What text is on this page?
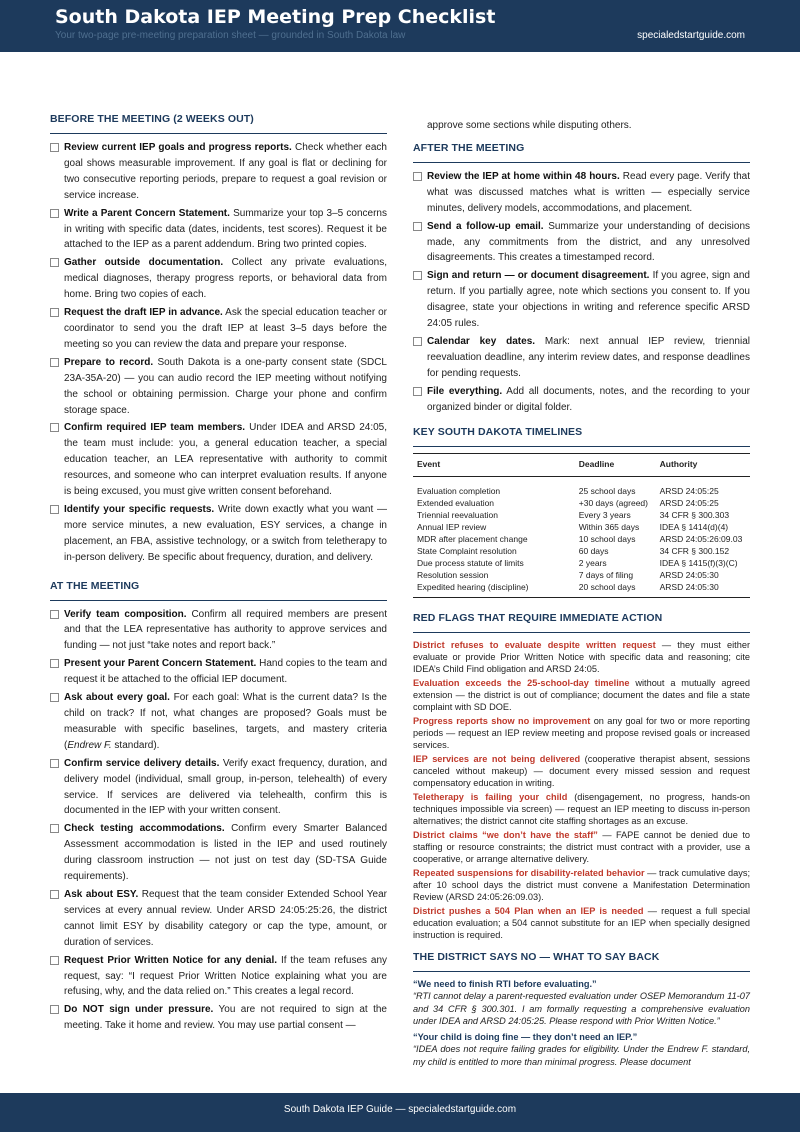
South Dakota IEP Meeting Prep Checklist
Your two-page pre-meeting preparation sheet — grounded in South Dakota law	specialedstartguide.com
BEFORE THE MEETING (2 WEEKS OUT)
Review current IEP goals and progress reports. Check whether each goal shows measurable improvement. If any goal is flat or declining for two consecutive reporting periods, prepare to request a goal revision or service increase.
Write a Parent Concern Statement. Summarize your top 3–5 concerns in writing with specific data (dates, incidents, test scores). Request it be attached to the IEP as a parent addendum. Bring two printed copies.
Gather outside documentation. Collect any private evaluations, medical diagnoses, therapy progress reports, or behavioral data from home. Bring two copies of each.
Request the draft IEP in advance. Ask the special education teacher or coordinator to send you the draft IEP at least 3–5 days before the meeting so you can review the data and prepare your response.
Prepare to record. South Dakota is a one-party consent state (SDCL 23A-35A-20) — you can audio record the IEP meeting without notifying the school or obtaining permission. Charge your phone and confirm storage space.
Confirm required IEP team members. Under IDEA and ARSD 24:05, the team must include: you, a general education teacher, a special education teacher, an LEA representative with authority to commit resources, and someone who can interpret evaluation results. If anyone is being excused, you must give written consent beforehand.
Identify your specific requests. Write down exactly what you want — more service minutes, a new evaluation, ESY services, a change in placement, an FBA, assistive technology, or a switch from teletherapy to in-person delivery. Be specific about frequency, duration, and delivery.
AT THE MEETING
Verify team composition. Confirm all required members are present and that the LEA representative has authority to approve services and funding — not just “take notes and report back.”
Present your Parent Concern Statement. Hand copies to the team and request it be attached to the official IEP document.
Ask about every goal. For each goal: What is the current data? Is the child on track? If not, what changes are proposed? Goals must be measurable with specific baselines, targets, and mastery criteria (Endrew F. standard).
Confirm service delivery details. Verify exact frequency, duration, and delivery model (individual, small group, in-person, telehealth) of every service. If services are delivered via telehealth, confirm this is documented in the IEP with your written consent.
Check testing accommodations. Confirm every Smarter Balanced Assessment accommodation is listed in the IEP and used routinely during classroom instruction — not just on test day (SD-TSA Guide requirements).
Ask about ESY. Request that the team consider Extended School Year services at every annual review. Under ARSD 24:05:25:26, the district cannot limit ESY by disability category or cap the type, amount, or duration of services.
Request Prior Written Notice for any denial. If the team refuses any request, say: “I request Prior Written Notice explaining what you are refusing, why, and the data relied on.” This creates a legal record.
Do NOT sign under pressure. You are not required to sign at the meeting. Take it home and review. You may use partial consent —
approve some sections while disputing others.
AFTER THE MEETING
Review the IEP at home within 48 hours. Read every page. Verify that what was discussed matches what is written — especially service minutes, delivery models, accommodations, and placement.
Send a follow-up email. Summarize your understanding of decisions made, any commitments from the district, and any unresolved disagreements. This creates a timestamped record.
Sign and return — or document disagreement. If you agree, sign and return. If you partially agree, note which sections you consent to. If you disagree, state your objections in writing and reference specific ARSD 24:05 rules.
Calendar key dates. Mark: next annual IEP review, triennial reevaluation deadline, any interim review dates, and response deadlines for pending requests.
File everything. Add all documents, notes, and the recording to your organized binder or digital folder.
KEY SOUTH DAKOTA TIMELINES
Event	Deadline	Authority
Evaluation completion	25 school days	ARSD 24:05:25
Extended evaluation	+30 days (agreed)	ARSD 24:05:25
Triennial reevaluation	Every 3 years	34 CFR § 300.303
Annual IEP review	Within 365 days	IDEA § 1414(d)(4)
MDR after placement change	10 school days	ARSD 24:05:26:09.03
State Complaint resolution	60 days	34 CFR § 300.152
Due process statute of limits	2 years	IDEA § 1415(f)(3)(C)
Resolution session	7 days of filing	ARSD 24:05:30
Expedited hearing (discipline)	20 school days	ARSD 24:05:30
RED FLAGS THAT REQUIRE IMMEDIATE ACTION
District refuses to evaluate despite written request — they must either evaluate or provide Prior Written Notice with specific data and reasoning; cite IDEA’s Child Find obligation and ARSD 24:05.
Evaluation exceeds the 25-school-day timeline without a mutually agreed extension — the district is out of compliance; document the dates and file a state complaint with SD DOE.
Progress reports show no improvement on any goal for two or more reporting periods — request an IEP review meeting and propose revised goals or increased services.
IEP services are not being delivered (cooperative therapist absent, sessions canceled without makeup) — document every missed session and request compensatory education in writing.
Teletherapy is failing your child (disengagement, no progress, hands-on techniques impossible via screen) — request an IEP meeting to discuss in-person alternatives; the district cannot cite staffing shortages as an excuse.
District claims “we don’t have the staff” — FAPE cannot be denied due to staffing or resource constraints; the district must contract with a provider, use a cooperative, or arrange alternative delivery.
Repeated suspensions for disability-related behavior — track cumulative days; after 10 school days the district must convene a Manifestation Determination Review (ARSD 24:05:26:09.03).
District pushes a 504 Plan when an IEP is needed — request a full special education evaluation; a 504 cannot substitute for an IEP when specially designed instruction is required.
THE DISTRICT SAYS NO — WHAT TO SAY BACK
“We need to finish RTI before evaluating.”
“RTI cannot delay a parent-requested evaluation under OSEP Memorandum 11-07 and 34 CFR § 300.301. I am formally requesting a comprehensive evaluation under IDEA and ARSD 24:05:25. Please respond with Prior Written Notice.”
“Your child is doing fine — they don’t need an IEP.”
“IDEA does not require failing grades for eligibility. Under the Endrew F. standard, my child is entitled to more than minimal progress. Please document
South Dakota IEP Guide — specialedstartguide.com
